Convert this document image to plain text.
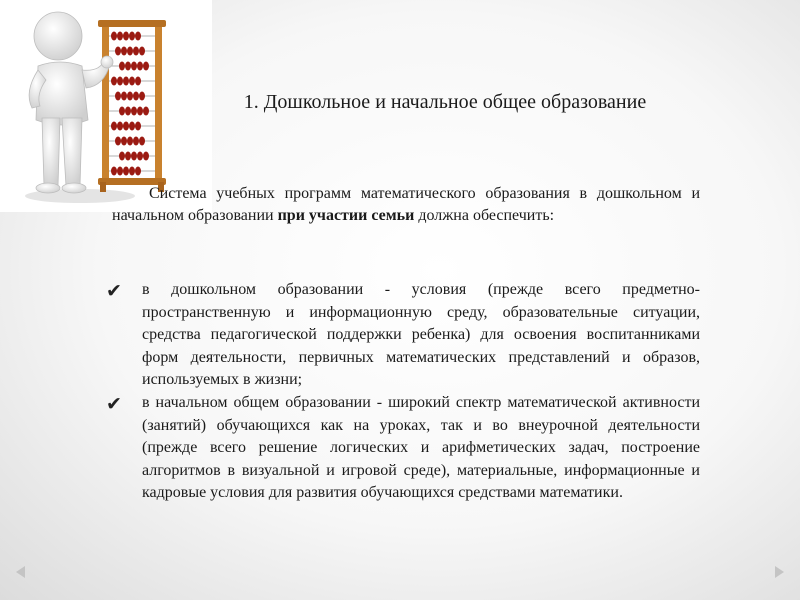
1. Дошкольное и начальное общее образование

Система учебных программ математического образования в дошкольном и начальном образовании при участии семьи должна обеспечить:

✔ в дошкольном образовании - условия (прежде всего предметно-пространственную и информационную среду, образовательные ситуации, средства педагогической поддержки ребенка) для освоения воспитанниками форм деятельности, первичных математических представлений и образов, используемых в жизни;
✔ в начальном общем образовании - широкий спектр математической активности (занятий) обучающихся как на уроках, так и во внеурочной деятельности (прежде всего решение логических и арифметических задач, построение алгоритмов в визуальной и игровой среде), материальные, информационные и кадровые условия для развития обучающихся средствами математики.
